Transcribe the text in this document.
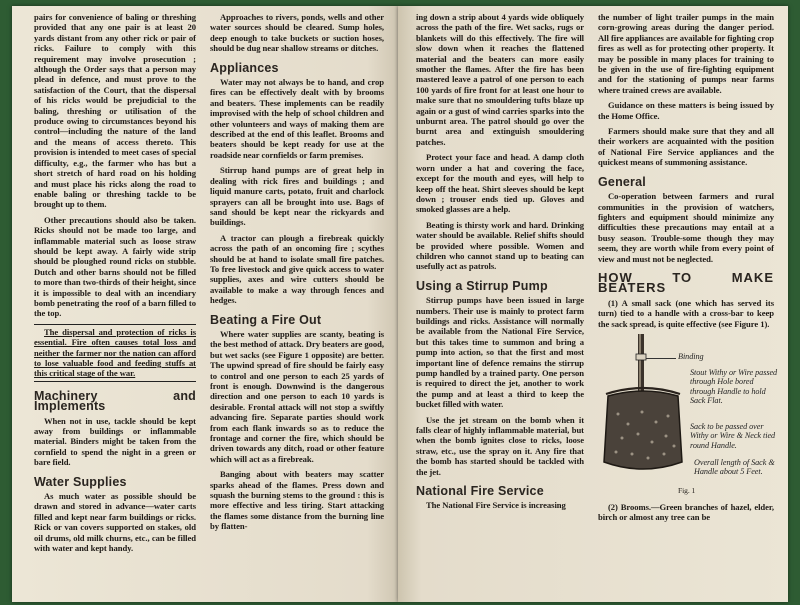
pairs for convenience of baling or threshing provided that any one pair is at least 20 yards distant from any other rick or pair of ricks. Failure to comply with this requirement may involve prosecution ; although the Order says that a person may plead in defence, and must prove to the satisfaction of the Court, that the dispersal of his ricks would be prejudicial to the baling, threshing or utilisation of the produce owing to circumstances beyond his control—including the nature of the land and the means of access thereto. This provision is intended to meet cases of special difficulty, e.g., the farmer who has but a short stretch of hard road on his holding and must place his ricks along the road to enable baling or threshing tackle to be brought up to them.

Other precautions should also be taken. Ricks should not be made too large, and inflammable material such as loose straw should be kept away. A fairly wide strip should be ploughed round ricks on stubble. Dutch and other barns should not be filled to more than two-thirds of their height, since it is impossible to deal with an incendiary bomb penetrating the roof of a barn filled to the top.

The dispersal and protection of ricks is essential. Fire often causes total loss and neither the farmer nor the nation can afford to lose valuable food and feeding stuffs at this critical stage of the war.

Machinery and Implements

When not in use, tackle should be kept away from buildings or inflammable material. Binders might be taken from the cornfield to spend the night in a green or bare field.

Water Supplies

As much water as possible should be drawn and stored in advance—water carts filled and kept near farm buildings or ricks. Rick or van covers supported on stakes, old oil drums, old milk churns, etc., can be filled with water and kept handy.

Approaches to rivers, ponds, wells and other water sources should be cleared. Sump holes, deep enough to take buckets or suction hoses, should be dug near shallow streams or ditches.

Appliances

Water may not always be to hand, and crop fires can be effectively dealt with by brooms and beaters. These implements can be readily improvised with the help of school children and other volunteers and ways of making them are described at the end of this leaflet. Brooms and beaters should be kept ready for use at the roadside near cornfields or farm premises.

Stirrup hand pumps are of great help in dealing with rick fires and buildings ; and liquid manure carts, potato, fruit and charlock sprayers can all be brought into use. Bags of sand should be kept near the rickyards and buildings.

A tractor can plough a firebreak quickly across the path of an oncoming fire ; scythes should be at hand to isolate small fire patches. To free livestock and give quick access to water supplies, axes and wire cutters should be available to make a way through fences and hedges.

Beating a Fire Out

Where water supplies are scanty, beating is the best method of attack. Dry beaters are good, but wet sacks (see Figure 1 opposite) are better. The upwind spread of fire should be fairly easy to control and one person to each 25 yards of front is enough. Downwind is the dangerous direction and one person to each 10 yards is desirable. Frontal attack will not stop a swiftly advancing fire. Separate parties should work from each flank inwards so as to reduce the frontage and corner the fire, which should be driven towards any ditch, road or other feature which will act as a firebreak.

Banging about with beaters may scatter sparks ahead of the flames. Press down and squash the burning stems to the ground : this is more effective and less tiring. Start attacking the flames some distance from the burning line by flatten-

ing down a strip about 4 yards wide obliquely across the path of the fire. Wet sacks, rugs or blankets will do this effectively. The fire will slow down when it reaches the flattened material and the beaters can more easily smother the flames. After the fire has been mastered leave a patrol of one person to each 100 yards of fire front for at least one hour to make sure that no smouldering tufts blaze up again or a gust of wind carries sparks into the unburnt area. The patrol should go over the burnt area and extinguish smouldering patches.

Protect your face and head. A damp cloth worn under a hat and covering the face, except for the mouth and eyes, will help to keep off the heat. Shirt sleeves should be kept down ; trouser ends tied up. Gloves and smoked glasses are a help.

Beating is thirsty work and hard. Drinking water should be available. Relief shifts should be provided where possible. Women and children who cannot stand up to beating can usefully act as patrols.

Using a Stirrup Pump

Stirrup pumps have been issued in large numbers. Their use is mainly to protect farm buildings and ricks. Assistance will normally be available from the National Fire Service, but this takes time to summon and bring a pump into action, so that the first and most important line of defence remains the stirrup pump handled by a trained party. One person is required to direct the jet, another to work the pump and at least a third to keep the bucket filled with water.

Use the jet stream on the bomb when it falls clear of highly inflammable material, but when the bomb ignites close to ricks, loose straw, etc., use the spray on it. Any fire that the bomb has started should be tackled with the jet.

National Fire Service

The National Fire Service is increasing

the number of light trailer pumps in the main corn-growing areas during the danger period. All fire appliances are available for fighting crop fires as well as for protecting other property. It may be possible in many places for training to be given in the use of fire-fighting equipment and for the stationing of pumps near farms where trained crews are available.

Guidance on these matters is being issued by the Home Office.

Farmers should make sure that they and all their workers are acquainted with the position of National Fire Service appliances and the quickest means of summoning assistance.

General

Co-operation between farmers and rural communities in the provision of watchers, fighters and equipment should minimize any difficulties these precautions may entail at a busy season. Trouble-some though they may seem, they are worth while from every point of view and must not be neglected.

HOW TO MAKE BEATERS

(1) A small sack (one which has served its turn) tied to a handle with a cross-bar to keep the sack spread, is quite effective (see Figure 1).

Binding
Stout Withy or Wire passed through Hole bored through Handle to hold Sack Flat.
Sack to be passed over Withy or Wire & Neck tied round Handle.
Overall length of Sack & Handle about 5 Feet.
Fig. 1

(2) Brooms.—Green branches of hazel, elder, birch or almost any tree can be
